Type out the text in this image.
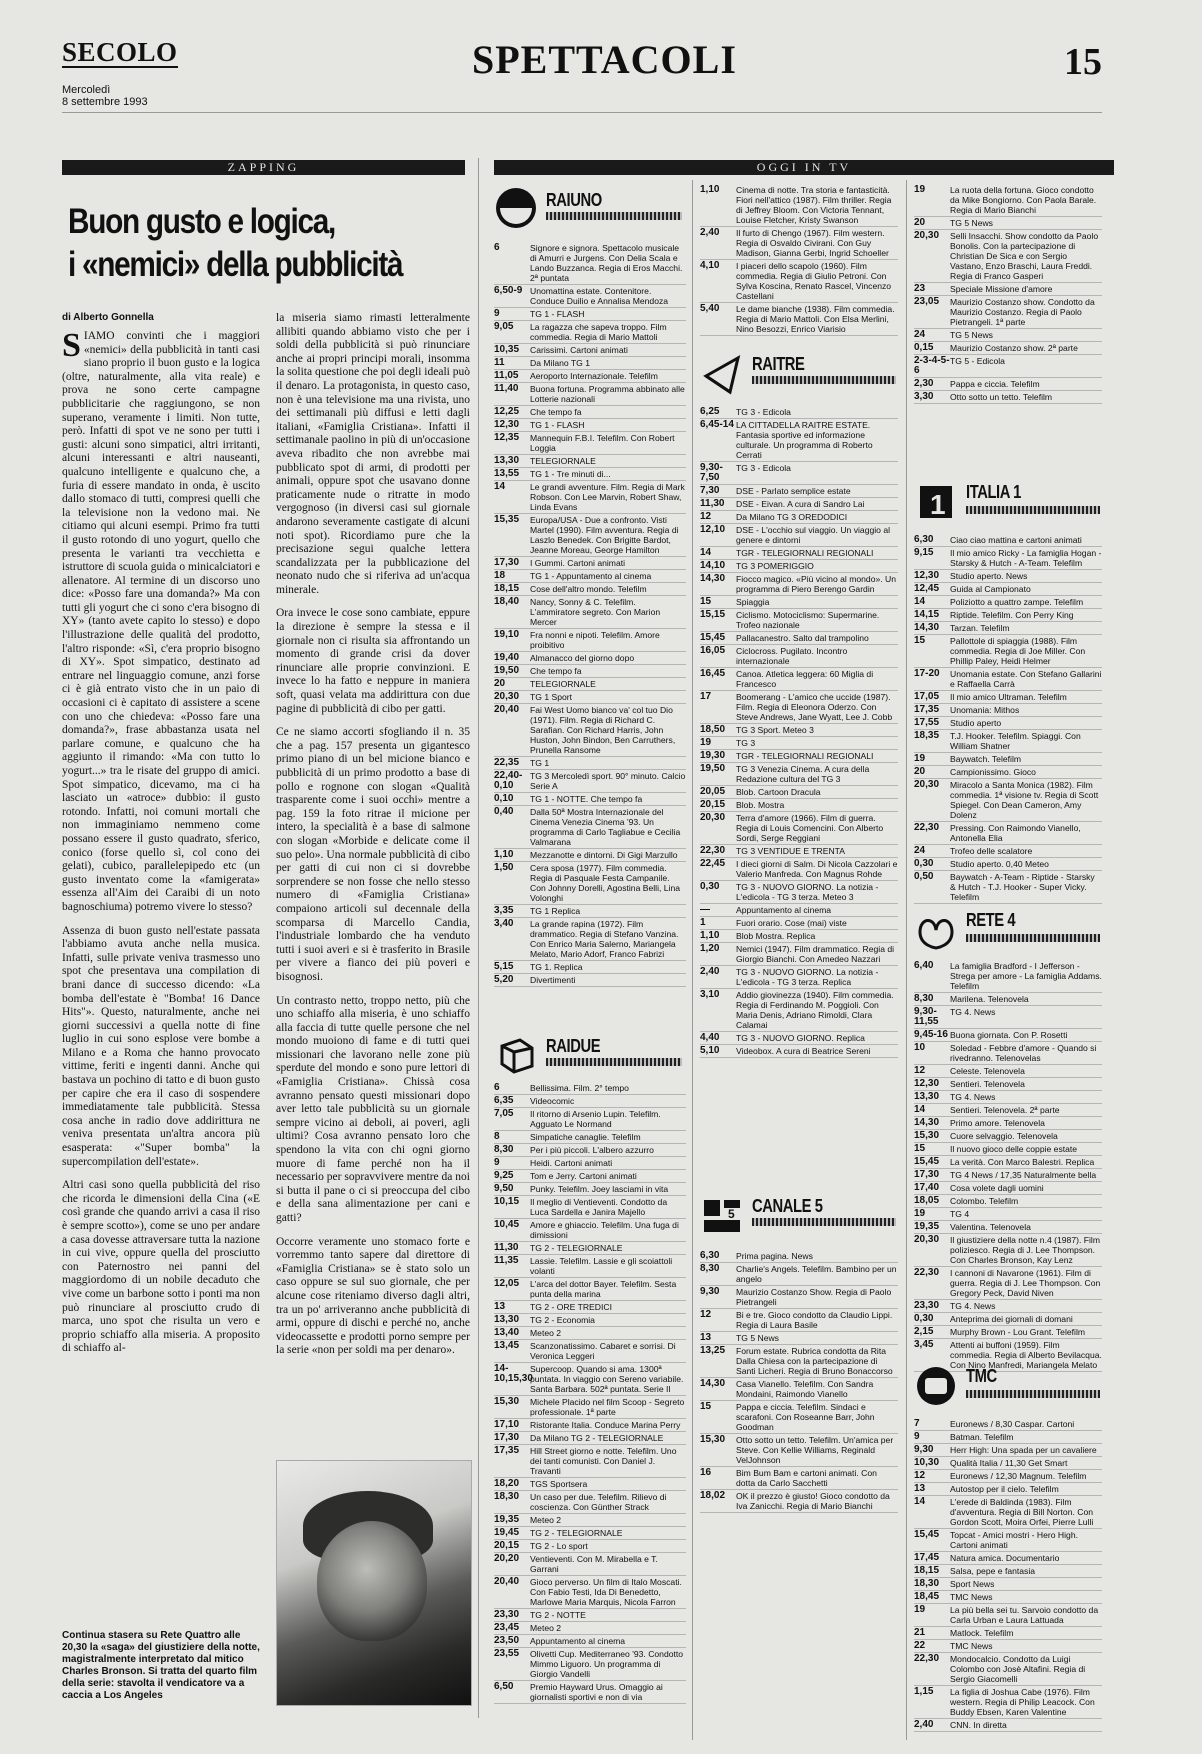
SECOLO
Mercoledì
8 settembre 1993
SPETTACOLI	15
ZAPPING
Buon gusto e logica,
i «nemici» della pubblicità
di Alberto Gonnella

SIAMO convinti che i maggiori «nemici» della pubblicità in tanti casi siano proprio il buon gusto e la logica (oltre, naturalmente, alla vita reale) e prova ne sono certe campagne pubblicitarie che raggiungono, se non superano, veramente i limiti. Non tutte, però. Infatti di spot ve ne sono per tutti i gusti: alcuni sono simpatici, altri irritanti, alcuni interessanti e altri nauseanti, qualcuno intelligente e qualcuno che, a furia di essere mandato in onda, è uscito dallo stomaco di tutti, compresi quelli che la televisione non la vedono mai. Ne citiamo qui alcuni esempi. Primo fra tutti il gusto rotondo di uno yogurt, quello che presenta le varianti tra vecchietta e istruttore di scuola guida o minicalciatori e allenatore. Al termine di un discorso uno dice: «Posso fare una domanda?» Ma con tutti gli yogurt che ci sono c'era bisogno di XY» (tanto avete capito lo stesso) e dopo l'illustrazione delle qualità del prodotto, l'altro risponde: «Sì, c'era proprio bisogno di XY». Spot simpatico, destinato ad entrare nel linguaggio comune, anzi forse ci è già entrato visto che in un paio di occasioni ci è capitato di assistere a scene con uno che chiedeva: «Posso fare una domanda?», frase abbastanza usata nel parlare comune, e qualcuno che ha aggiunto il rimando: «Ma con tutto lo yogurt...» tra le risate del gruppo di amici. Spot simpatico, dicevamo, ma ci ha lasciato un «atroce» dubbio: il gusto rotondo. Infatti, noi comuni mortali che non immaginiamo nemmeno come possano essere il gusto quadrato, sferico, conico (forse quello sì, col cono dei gelati), cubico, parallelepipedo etc (un gusto inventato come la «famigerata» essenza all'Aim dei Caraibi di un noto bagnoschiuma) potremo vivere lo stesso?

Assenza di buon gusto nell'estate passata l'abbiamo avuta anche nella musica. Infatti, sulle private veniva trasmesso uno spot che presentava una compilation di brani dance di successo dicendo: «La bomba dell'estate è "Bomba! 16 Dance Hits"». Questo, naturalmente, anche nei giorni successivi a quella notte di fine luglio in cui sono esplose vere bombe a Milano e a Roma che hanno provocato vittime, feriti e ingenti danni. Anche qui bastava un pochino di tatto e di buon gusto per capire che era il caso di sospendere immediatamente tale pubblicità. Stessa cosa anche in radio dove addirittura ne veniva presentata un'altra ancora più esasperata: «"Super bomba" la supercompilation dell'estate».

Altri casi sono quella pubblicità del riso che ricorda le dimensioni della Cina («E così grande che quando arrivi a casa il riso è sempre scotto»), come se uno per andare a casa dovesse attraversare tutta la nazione in cui vive, oppure quella del prosciutto con Paternostro nei panni del maggiordomo di un nobile decaduto che vive come un barbone sotto i ponti ma non può rinunciare al prosciutto crudo di marca, uno spot che risulta un vero e proprio schiaffo alla miseria. A proposito di schiaffo al-

la miseria siamo rimasti letteralmente allibiti quando abbiamo visto che per i soldi della pubblicità si può rinunciare anche ai propri principi morali, insomma la solita questione che poi degli ideali può il denaro. La protagonista, in questo caso, non è una televisione ma una rivista, uno dei settimanali più diffusi e letti dagli italiani, «Famiglia Cristiana». Infatti il settimanale paolino in più di un'occasione aveva ribadito che non avrebbe mai pubblicato spot di armi, di prodotti per animali, oppure spot che usavano donne praticamente nude o ritratte in modo vergognoso (in diversi casi sul giornale andarono severamente castigate di alcuni noti spot). Ricordiamo pure che la precisazione segui qualche lettera scandalizzata per la pubblicazione del neonato nudo che si riferiva ad un'acqua minerale.

Ora invece le cose sono cambiate, eppure la direzione è sempre la stessa e il giornale non ci risulta sia affrontando un momento di grande crisi da dover rinunciare alle proprie convinzioni. E invece lo ha fatto e neppure in maniera soft, quasi velata ma addirittura con due pagine di pubblicità di cibo per gatti.

Ce ne siamo accorti sfogliando il n. 35 che a pag. 157 presenta un gigantesco primo piano di un bel micione bianco e pubblicità di un primo prodotto a base di pollo e rognone con slogan «Qualità trasparente come i suoi occhi» mentre a pag. 159 la foto ritrae il micione per intero, la specialità è a base di salmone con slogan «Morbide e delicate come il suo pelo». Una normale pubblicità di cibo per gatti di cui non ci si dovrebbe sorprendere se non fosse che nello stesso numero di «Famiglia Cristiana» compaiono articoli sul decennale della scomparsa di Marcello Candia, l'industriale lombardo che ha venduto tutti i suoi averi e si è trasferito in Brasile per vivere a fianco dei più poveri e bisognosi.

Un contrasto netto, troppo netto, più che uno schiaffo alla miseria, è uno schiaffo alla faccia di tutte quelle persone che nel mondo muoiono di fame e di tutti quei missionari che lavorano nelle zone più sperdute del mondo e sono pure lettori di «Famiglia Cristiana». Chissà cosa avranno pensato questi missionari dopo aver letto tale pubblicità su un giornale sempre vicino ai deboli, ai poveri, agli ultimi? Cosa avranno pensato loro che spendono la vita con chi ogni giorno muore di fame perché non ha il necessario per sopravvivere mentre da noi si butta il pane o ci si preoccupa del cibo e della sana alimentazione per cani e gatti?

Occorre veramente uno stomaco forte e vorremmo tanto sapere dal direttore di «Famiglia Cristiana» se è stato solo un caso oppure se sul suo giornale, che per alcune cose riteniamo diverso dagli altri, tra un po' arriveranno anche pubblicità di armi, oppure di dischi e perché no, anche videocassette e prodotti porno sempre per la serie «non per soldi ma per denaro».

Continua stasera su Rete Quattro alle 20,30 la «saga» del giustiziere della notte, magistralmente interpretato dal mitico Charles Bronson. Si tratta del quarto film della serie: stavolta il vendicatore va a caccia a Los Angeles
OGGI IN TV
RAIUNO
6	Signore e signora. Spettacolo musicale di Amurri e Jurgens. Con Delia Scala e Lando Buzzanca. Regia di Eros Macchi. 2ª puntata
6,50-9 Unomattina estate. Contenitore. Conduce Duilio e Annalisa Mendoza
9	TG 1 - FLASH
9,05	La ragazza che sapeva troppo. Film commedia. Regia di Mario Mattoli
10,35	Carissimi. Cartoni animati
11	Da Milano TG 1
11,05	Aeroporto Internazionale. Telefilm
11,40	Buona fortuna. Programma abbinato alle Lotterie nazionali
12,25	Che tempo fa
12,30	TG 1 - FLASH
12,35	Mannequin F.B.I. Telefilm. Con Robert Loggia
13,30	TELEGIORNALE
13,55	TG 1 - Tre minuti di...
14	Le grandi avventure. Film. Regia di Mark Robson. Con Lee Marvin, Robert Shaw, Linda Evans
15,35	Europa/USA - Due a confronto. Visti Martel (1990). Film avventura. Regia di Laszlo Benedek. Con Brigitte Bardot, Jeanne Moreau, George Hamilton
17,30	I Gummi. Cartoni animati
18	TG 1 - Appuntamento al cinema
18,15	Cose dell'altro mondo. Telefilm
18,40	Nancy, Sonny & C. Telefilm. L'ammiratore segreto. Con Marion Mercer
19,10	Fra nonni e nipoti. Telefilm. Amore proibitivo
19,40	Almanacco del giorno dopo
19,50	Che tempo fa
20	TELEGIORNALE
20,30	TG 1 Sport
20,40	Fai West Uomo bianco va' col tuo Dio (1971). Film. Regia di Richard C. Sarafian. Con Richard Harris, John Huston, John Bindon, Ben Carruthers, Prunella Ransome
22,35	TG 1
22,40-0,10
TG 3 Mercoledì sport. 90° minuto. Calcio Serie A
0,10	TG 1 - NOTTE. Che tempo fa
0,40	Dalla 50ª Mostra Internazionale del Cinema Venezia Cinema '93. Un programma di Carlo Tagliabue e Cecilia Valmarana
1,10	Mezzanotte e dintorni. Di Gigi Marzullo
1,50	Cera sposa (1977). Film commedia. Regia di Pasquale Festa Campanile. Con Johnny Dorelli, Agostina Belli, Lina Volonghi
3,35	TG 1 Replica
3,40	La grande rapina (1972). Film drammatico. Regia di Stefano Vanzina. Con Enrico Maria Salerno, Mariangela Melato, Mario Adorf, Franco Fabrizi
5,15	TG 1. Replica
5,20	Divertimenti
RAIDUE
6	Bellissima. Film. 2° tempo
6,35	Videocomic
7,05	Il ritorno di Arsenio Lupin. Telefilm. Agguato Le Normand
8	Simpatiche canaglie. Telefilm
8,30	Per i più piccoli. L'albero azzurro
9	Heidi. Cartoni animati
9,25	Tom e Jerry. Cartoni animati
9,50	Punky. Telefilm. Joey lasciami in vita
10,15	Il meglio di Ventieventi. Condotto da Luca Sardella e Janira Majello
10,45	Amore e ghiaccio. Telefilm. Una fuga di dimissioni
11,30	TG 2 - TELEGIORNALE
11,35	Lassie. Telefilm. Lassie e gli scoiattoli volanti
12,05	L'arca del dottor Bayer. Telefilm. Sesta punta della marina
13	TG 2 - ORE TREDICI
13,30	TG 2 - Economia
13,40	Meteo 2
13,45	Scanzonatissimo. Cabaret e sorrisi. Di Veronica Leggeri
14-10,15,30
Supercoop. Quando si ama. 1300ª puntata. In viaggio con Sereno variabile. Santa Barbara. 502ª puntata. Serie II
15,30	Michele Placido nel film Scoop - Segreto professionale. 1ª parte
17,10	Ristorante Italia. Conduce Marina Perry
17,30	Da Milano TG 2 - TELEGIORNALE
17,35	Hill Street giorno e notte. Telefilm. Uno dei tanti comunisti. Con Daniel J. Travanti
18,20	TGS Sportsera
18,30	Un caso per due. Telefilm. Rilievo di coscienza. Con Günther Strack
19,35	Meteo 2
19,45	TG 2 - TELEGIORNALE
20,15	TG 2 - Lo sport
20,20	Ventieventi. Con M. Mirabella e T. Garrani
20,40	Gioco perverso. Un film di Italo Moscati. Con Fabio Testi, Ida Di Benedetto, Marlowe Maria Marquis, Nicola Farron
23,30	TG 2 - NOTTE
23,45	Meteo 2
23,50	Appuntamento al cinema
23,55	Olivetti Cup. Mediterraneo '93. Condotto Mimmo Liguoro. Un programma di Giorgio Vandelli
6,50	Premio Hayward Urus. Omaggio ai giornalisti sportivi e non di via
1,10	Cinema di notte. Tra storia e fantasticità. Fiori nell'attico (1987). Film thriller. Regia di Jeffrey Bloom. Con Victoria Tennant, Louise Fletcher, Kristy Swanson
2,40	Il furto di Chengo (1967). Film western. Regia di Osvaldo Civirani. Con Guy Madison, Gianna Gerbi, Ingrid Schoeller
4,10	I piaceri dello scapolo (1960). Film commedia. Regia di Giulio Petroni. Con Sylva Koscina, Renato Rascel, Vincenzo Castellani
5,40	Le dame bianche (1938). Film commedia. Regia di Mario Mattoli. Con Elsa Merlini, Nino Besozzi, Enrico Viarisio
RAITRE
6,25	TG 3 - Edicola
6,45-14 LA CITTADELLA RAITRE ESTATE. Fantasia sportive ed informazione culturale. Un programma di Roberto Cerrati
9,30-7,50
TG 3 - Edicola
7,30	DSE - Parlato semplice estate
11,30	DSE - Eivan. A cura di Sandro Lai
12	Da Milano TG 3 OREDODICI
12,10	DSE - L'occhio sul viaggio. Un viaggio al genere e dintorni
14	TGR - TELEGIORNALI REGIONALI
14,10	TG 3 POMERIGGIO
14,30	Fiocco magico. «Più vicino al mondo». Un programma di Piero Berengo Gardin
15	Spiaggia
15,15	Ciclismo. Motociclismo: Supermarine. Trofeo nazionale
15,45	Pallacanestro. Salto dal trampolino
16,05	Ciclocross. Pugilato. Incontro internazionale
16,45	Canoa. Atletica leggera: 60 Miglia di Francesco
17	Boomerang - L'amico che uccide (1987). Film. Regia di Eleonora Oderzo. Con Steve Andrews, Jane Wyatt, Lee J. Cobb
18,50	TG 3 Sport. Meteo 3
19	TG 3
19,30	TGR - TELEGIORNALI REGIONALI
19,50	TG 3 Venezia Cinema. A cura della Redazione cultura del TG 3
20,05	Blob. Cartoon Dracula
20,15	Blob. Mostra
20,30	Terra d'amore (1966). Film di guerra. Regia di Louis Comencini. Con Alberto Sordi, Serge Reggiani
22,30	TG 3 VENTIDUE E TRENTA
22,45	I dieci giorni di Salm. Di Nicola Cazzolari e Valerio Manfreda. Con Magnus Rohde
0,30	TG 3 - NUOVO GIORNO. La notizia - L'edicola - TG 3 terza. Meteo 3
—	Appuntamento al cinema
1	Fuori orario. Cose (mai) viste
1,10	Blob Mostra. Replica
1,20	Nemici (1947). Film drammatico. Regia di Giorgio Bianchi. Con Amedeo Nazzari
2,40	TG 3 - NUOVO GIORNO. La notizia - L'edicola - TG 3 terza. Replica
3,10	Addio giovinezza (1940). Film commedia. Regia di Ferdinando M. Poggioli. Con Maria Denis, Adriano Rimoldi, Clara Calamai
4,40	TG 3 - NUOVO GIORNO. Replica
5,10	Videobox. A cura di Beatrice Sereni
5 CANALE 5
6,30	Prima pagina. News
8,30	Charlie's Angels. Telefilm. Bambino per un angelo
9,30	Maurizio Costanzo Show. Regia di Paolo Pietrangeli
12	Bi e tre. Gioco condotto da Claudio Lippi. Regia di Laura Basile
13	TG 5 News
13,25	Forum estate. Rubrica condotta da Rita Dalla Chiesa con la partecipazione di Santi Licheri. Regia di Bruno Bonaccorso
14,30	Casa Vianello. Telefilm. Con Sandra Mondaini, Raimondo Vianello
15	Pappa e ciccia. Telefilm. Sindaci e scarafoni. Con Roseanne Barr, John Goodman
15,30	Otto sotto un tetto. Telefilm. Un'amica per Steve. Con Kellie Williams, Reginald VelJohnson
16	Bim Bum Bam e cartoni animati. Con dotta da Carlo Sacchetti
18,02	OK il prezzo è giusto! Gioco condotto da Iva Zanicchi. Regia di Mario Bianchi
19	La ruota della fortuna. Gioco condotto da Mike Bongiorno. Con Paola Barale. Regia di Mario Bianchi
20	TG 5 News
20,30	Selli Insacchi. Show condotto da Paolo Bonolis. Con la partecipazione di Christian De Sica e con Sergio Vastano, Enzo Braschi, Laura Freddi. Regia di Franco Gasperi
23	Speciale Missione d'amore
23,05	Maurizio Costanzo show. Condotto da Maurizio Costanzo. Regia di Paolo Pietrangeli. 1ª parte
24	TG 5 News
0,15	Maurizio Costanzo show. 2ª parte
2-3-4-5-6
TG 5 - Edicola
2,30	Pappa e ciccia. Telefilm
3,30	Otto sotto un tetto. Telefilm
1 ITALIA 1
6,30	Ciao ciao mattina e cartoni animati
9,15	Il mio amico Ricky - La famiglia Hogan - Starsky & Hutch - A-Team. Telefilm
12,30	Studio aperto. News
12,45	Guida al Campionato
14	Poliziotto a quattro zampe. Telefilm
14,15	Riptide. Telefilm. Con Perry King
14,30	Tarzan. Telefilm
15	Pallottole di spiaggia (1988). Film commedia. Regia di Joe Miller. Con Phillip Paley, Heidi Helmer
17-20	Unomania estate. Con Stefano Gallarini e Raffaella Carrà
17,05	Il mio amico Ultraman. Telefilm
17,35	Unomania: Mithos
17,55	Studio aperto
18,35	T.J. Hooker. Telefilm. Spiaggi. Con William Shatner
19	Baywatch. Telefilm
20	Campionissimo. Gioco
20,30	Miracolo a Santa Monica (1982). Film commedia. 1ª visione tv. Regia di Scott Spiegel. Con Dean Cameron, Amy Dolenz
22,30	Pressing. Con Raimondo Vianello, Antonella Elia
24	Trofeo delle scalatore
0,30	Studio aperto. 0,40 Meteo
0,50	Baywatch - A-Team - Riptide - Starsky & Hutch - T.J. Hooker - Super Vicky. Telefilm
RETE 4
6,40	La famiglia Bradford - I Jefferson - Strega per amore - La famiglia Addams. Telefilm
8,30	Marilena. Telenovela
9,30-11,55
TG 4. News
9,45-16 Buona giornata. Con P. Rosetti
10	Soledad - Febbre d'amore - Quando si rivedranno. Telenovelas
12	Celeste. Telenovela
12,30	Sentieri. Telenovela
13,30	TG 4. News
14	Sentieri. Telenovela. 2ª parte
14,30	Primo amore. Telenovela
15,30	Cuore selvaggio. Telenovela
15	Il nuovo gioco delle coppie estate
15,45	La verità. Con Marco Balestri. Replica
17,30	TG 4 News / 17,35 Naturalmente bella
17,40	Cosa volete dagli uomini
18,05	Colombo. Telefilm
19	TG 4
19,35	Valentina. Telenovela
20,30	Il giustiziere della notte n.4 (1987). Film poliziesco. Regia di J. Lee Thompson. Con Charles Bronson, Kay Lenz
22,30	I cannoni di Navarone (1961). Film di guerra. Regia di J. Lee Thompson. Con Gregory Peck, David Niven
23,30	TG 4. News
0,30	Anteprima dei giornali di domani
2,15	Murphy Brown - Lou Grant. Telefilm
3,45	Attenti ai buffoni (1959). Film commedia. Regia di Alberto Bevilacqua. Con Nino Manfredi, Mariangela Melato
TMC
7	Euronews / 8,30 Caspar. Cartoni
9	Batman. Telefilm
9,30	Herr High: Una spada per un cavaliere
10,30	Qualità Italia / 11,30 Get Smart
12	Euronews / 12,30 Magnum. Telefilm
13	Autostop per il cielo. Telefilm
14	L'erede di Baldinda (1983). Film d'avventura. Regia di Bill Norton. Con Gordon Scott, Moira Orfei, Pierre Lulli
15,45	Topcat - Amici mostri - Hero High. Cartoni animati
17,45	Natura amica. Documentario
18,15	Salsa, pepe e fantasia
18,30	Sport News
18,45	TMC News
19	La più bella sei tu. Sarvoio condotto da Carla Urban e Laura Lattuada
21	Matlock. Telefilm
22	TMC News
22,30	Mondocalcio. Condotto da Luigi Colombo con Josè Altafini. Regia di Sergio Giacomelli
1,15	La figlia di Joshua Cabe (1976). Film western. Regia di Philip Leacock. Con Buddy Ebsen, Karen Valentine
2,40	CNN. In diretta
